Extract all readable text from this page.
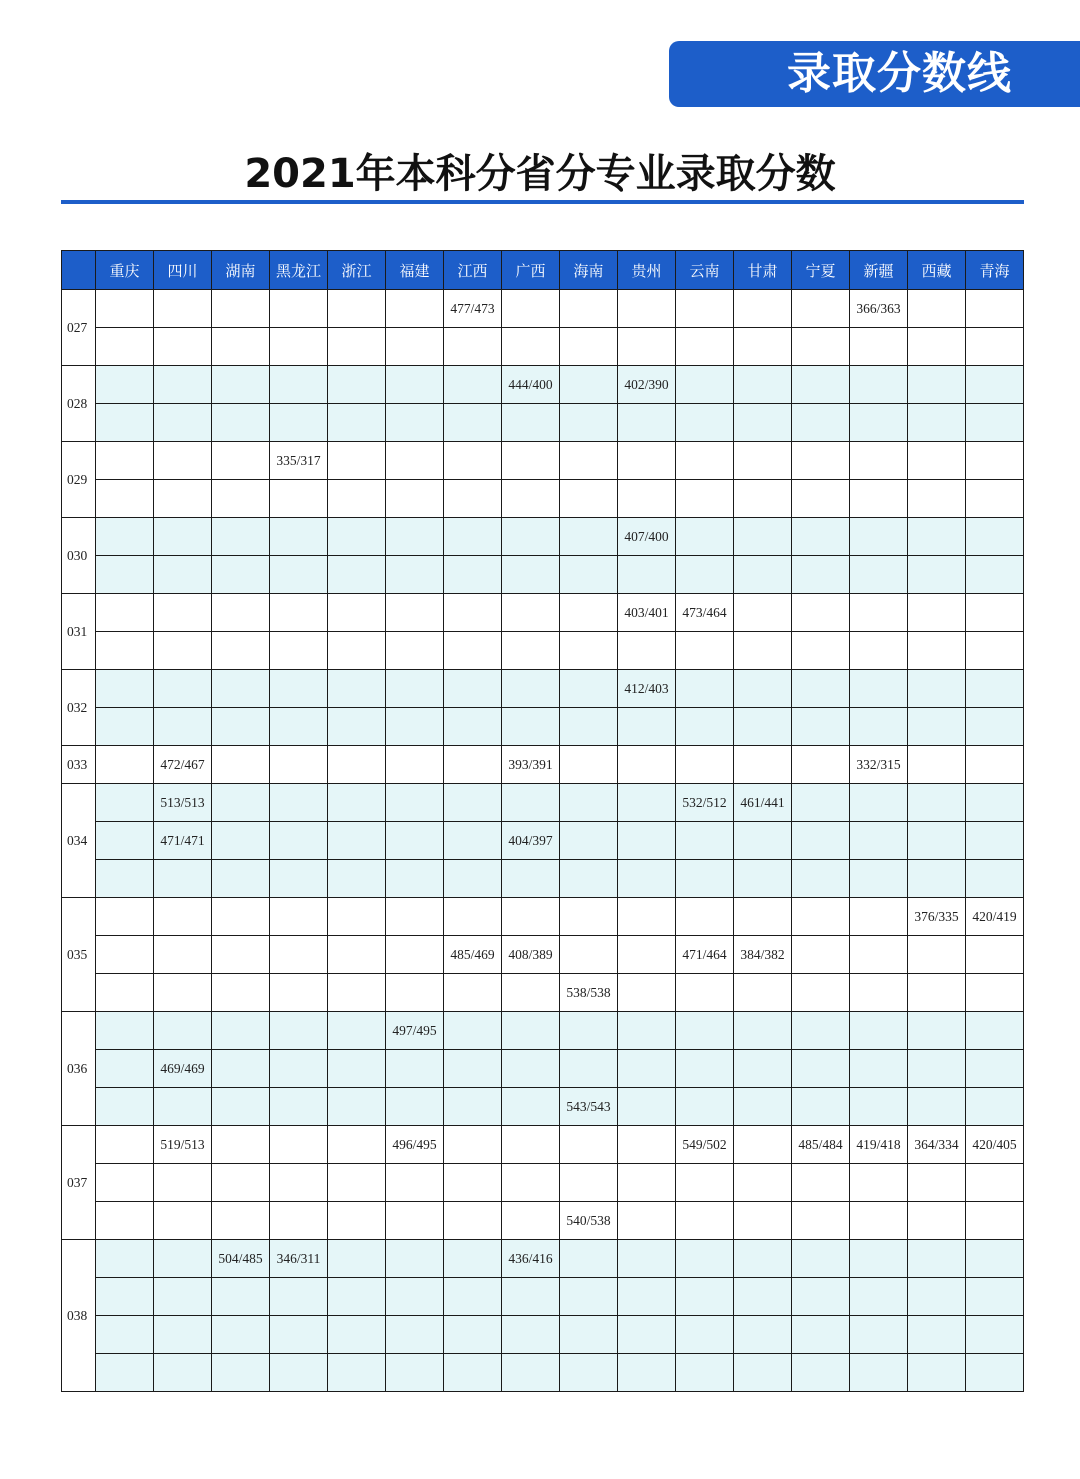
录取分数线
2021年本科分省分专业录取分数
	重庆	四川	湖南	黑龙江	浙江	福建	江西	广西	海南	贵州	云南	甘肃	宁夏	新疆	西藏	青海
027							477/473							366/363		

028								444/400		402/390						

029				335/317												

030										407/400						

031										403/401	473/464					

032										412/403						

033		472/467						393/391						332/315		
034		513/513									532/512	461/441				
		471/471						404/397								

035															376/335	420/419
							485/469	408/389			471/464	384/382				
									538/538							
036						497/495										
		469/469														
									543/543							
037		519/513				496/495					549/502		485/484	419/418	364/334	420/405

									540/538							
038			504/485	346/311				436/416								
